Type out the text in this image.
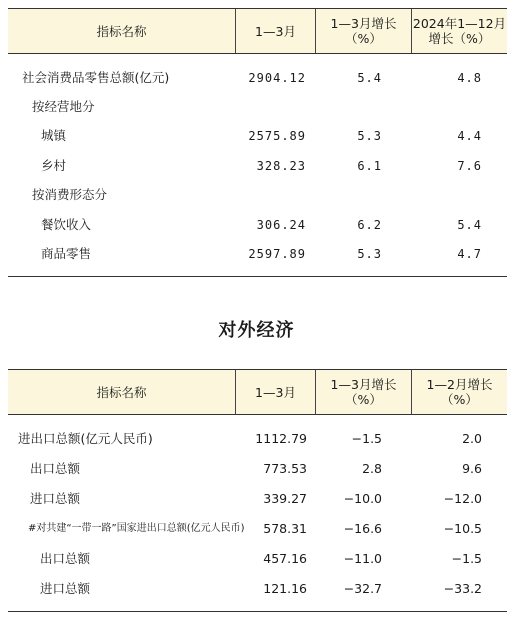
指标名称	1—3月	1—3月增长
（%）
2024年1—12月
增长（%）
社会消费品零售总额(亿元)	2904.12	5.4	4.8
按经营地分
城镇	2575.89	5.3	4.4
乡村	328.23	6.1	7.6
按消费形态分
餐饮收入	306.24	6.2	5.4
商品零售	2597.89	5.3	4.7
对外经济
指标名称	1—3月	1—3月增长
（%）
1—2月增长
（%）
进出口总额(亿元人民币)	1112.79	−1.5	2.0
出口总额	773.53	2.8	9.6
进口总额	339.27	−10.0	−12.0
#对共建“一带一路”国家进出口总额(亿元人民币) 578.31	−16.6	−10.5
出口总额	457.16	−11.0	−1.5
进口总额	121.16	−32.7	−33.2
